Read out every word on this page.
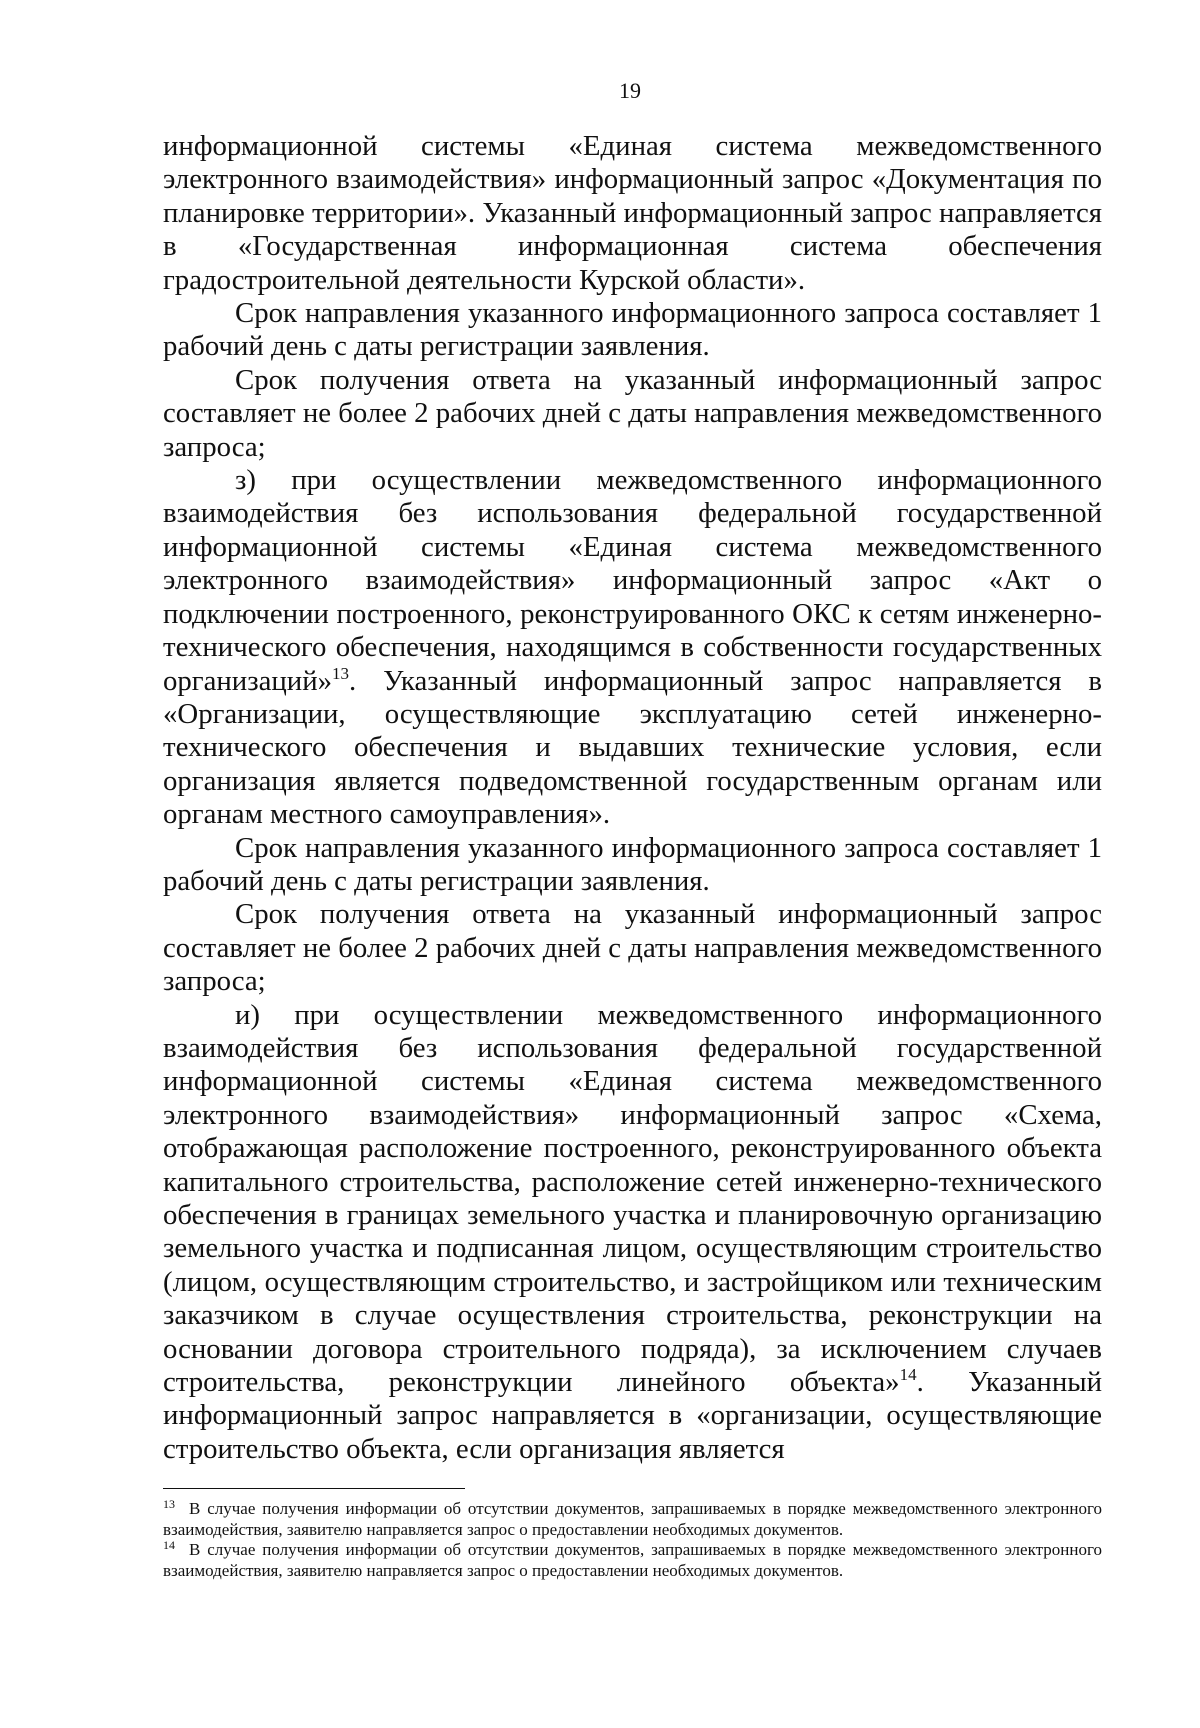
19

информационной системы «Единая система межведомственного электронного взаимодействия» информационный запрос «Документация по планировке территории». Указанный информационный запрос направляется в «Государственная информационная система обеспечения градостроительной деятельности Курской области».

Срок направления указанного информационного запроса составляет 1 рабочий день с даты регистрации заявления.

Срок получения ответа на указанный информационный запрос составляет не более 2 рабочих дней с даты направления межведомственного запроса;

з) при осуществлении межведомственного информационного взаимодействия без использования федеральной государственной информационной системы «Единая система межведомственного электронного взаимодействия» информационный запрос «Акт о подключении построенного, реконструированного ОКС к сетям инженерно-технического обеспечения, находящимся в собственности государственных организаций»$^{13}$. Указанный информационный запрос направляется в «Организации, осуществляющие эксплуатацию сетей инженерно-технического обеспечения и выдавших технические условия, если организация является подведомственной государственным органам или органам местного самоуправления».

Срок направления указанного информационного запроса составляет 1 рабочий день с даты регистрации заявления.

Срок получения ответа на указанный информационный запрос составляет не более 2 рабочих дней с даты направления межведомственного запроса;

и) при осуществлении межведомственного информационного взаимодействия без использования федеральной государственной информационной системы «Единая система межведомственного электронного взаимодействия» информационный запрос «Схема, отображающая расположение построенного, реконструированного объекта капитального строительства, расположение сетей инженерно-технического обеспечения в границах земельного участка и планировочную организацию земельного участка и подписанная лицом, осуществляющим строительство (лицом, осуществляющим строительство, и застройщиком или техническим заказчиком в случае осуществления строительства, реконструкции на основании договора строительного подряда), за исключением случаев строительства, реконструкции линейного объекта»$^{14}$. Указанный информационный запрос направляется в «организации, осуществляющие строительство объекта, если организация является

$^{13}$ В случае получения информации об отсутствии документов, запрашиваемых в порядке межведомственного электронного взаимодействия, заявителю направляется запрос о предоставлении необходимых документов.

$^{14}$ В случае получения информации об отсутствии документов, запрашиваемых в порядке межведомственного электронного взаимодействия, заявителю направляется запрос о предоставлении необходимых документов.
